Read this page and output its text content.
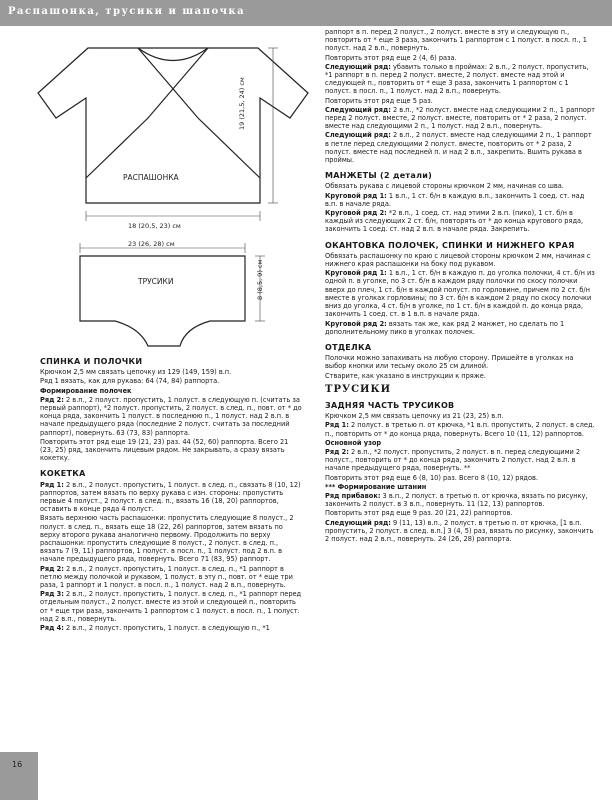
Распашонка, трусики и шапочка
РАСПАШОНКА
19 (21,5, 24) см
18 (20,5, 23) см
23 (26, 28) см
ТРУСИКИ	8 (8,5, 9) см

СПИНКА И ПОЛОЧКИ

Крючком 2,5 мм связать цепочку из 129 (149, 159) в.п.

Ряд 1 вязать, как для рукава: 64 (74, 84) раппорта.

Формирование полочек

Ряд 2: 2 в.п., 2 полуст. пропустить, 1 полуст. в следующую п. (считать за первый раппорт), *2 полуст. пропустить, 2 полуст. в след. п., повт. от * до конца ряда, закончить 1 полуст. в последнюю п., 1 полуст. над 2 в.п. в начале предыдущего ряда (последние 2 полуст. считать за последний раппорт), повернуть. 63 (73, 83) раппорта.

Повторить этот ряд еще 19 (21, 23) раз. 44 (52, 60) раппорта. Всего 21 (23, 25) ряд, закончить лицевым рядом. Не закрывать, а сразу вязать кокетку.

КОКЕТКА

Ряд 1: 2 в.п., 2 полуст. пропустить, 1 полуст. в след. п., связать 8 (10, 12) раппортов, затем вязать по верху рукава с изн. стороны: пропустить первые 4 полуст., 2 полуст. в след. п., вязать 16 (18, 20) раппортов, оставить в конце ряда 4 полуст.

Вязать верхнюю часть распашонки: пропустить следующие 8 полуст., 2 полуст. в след. п., вязать еще 18 (22, 26) раппортов, затем вязать по верху второго рукава аналогично первому. Продолжить по верху распашонки: пропустить следующие 8 полуст., 2 полуст. в след. п., вязать 7 (9, 11) раппортов, 1 полуст. в посл. п., 1 полуст. под 2 в.п. в начале предыдущего ряда, повернуть. Всего 71 (83, 95) раппорт.

Ряд 2: 2 в.п., 2 полуст. пропустить, 1 полуст. в след. п., *1 раппорт в петлю между полочкой и рукавом, 1 полуст. в эту п., повт. от * еще три раза, 1 раппорт и 1 полуст. в посл. п., 1 полуст. над 2 в.п., повернуть.

Ряд 3: 2 в.п., 2 полуст. пропустить, 1 полуст. в след. п., *1 раппорт перед отдельным полуст., 2 полуст. вместе из этой и следующей п., повторить от * еще три раза, закончить 1 раппортом с 1 полуст. в посл. п., 1 полуст. над 2 в.п., повернуть.

Ряд 4: 2 в.п., 2 полуст. пропустить, 1 полуст. в следующую п., *1

раппорт в п. перед 2 полуст., 2 полуст. вместе в эту и следующую п., повторить от * еще 3 раза, закончить 1 раппортом с 1 полуст. в посл. п., 1 полуст. над 2 в.п., повернуть.

Повторить этот ряд еще 2 (4, 6) раза.

Следующий ряд: убавить только в проймах: 2 в.п., 2 полуст. пропустить, *1 раппорт в п. перед 2 полуст. вместе, 2 полуст. вместе над этой и следующей п., повторить от * еще 3 раза, закончить 1 раппортом с 1 полуст. в посл. п., 1 полуст. над 2 в.п., повернуть.

Повторить этот ряд еще 5 раз.

Следующий ряд: 2 в.п., *2 полуст. вместе над следующими 2 п., 1 раппорт перед 2 полуст. вместе, 2 полуст. вместе, повторить от * 2 раза, 2 полуст. вместе над следующими 2 п., 1 полуст. над 2 в.п., повернуть.

Следующий ряд: 2 в.п., 2 полуст. вместе над следующими 2 п., 1 раппорт в петле перед следующими 2 полуст. вместе, повторить от * 2 раза, 2 полуст. вместе над последней п. и над 2 в.п., закрепить. Вшить рукава в проймы.

МАНЖЕТЫ (2 детали)

Обвязать рукава с лицевой стороны крючком 2 мм, начиная со шва.

Круговой ряд 1: 1 в.п., 1 ст. б/н в каждую в.п., закончить 1 соед. ст. над в.п. в начале ряда.

Круговой ряд 2: *2 в.п., 1 соед. ст. над этими 2 в.п. (пико), 1 ст. б/н в каждый из следующих 2 ст. б/н, повторять от * до конца кругового ряда, закончить 1 соед. ст. над 2 в.п. в начале ряда. Закрепить.

ОКАНТОВКА ПОЛОЧЕК, СПИНКИ И НИЖНЕГО КРАЯ

Обвязать распашонку по краю с лицевой стороны крючком 2 мм, начиная с нижнего края распашонки на боку под рукавом.

Круговой ряд 1: 1 в.п., 1 ст. б/н в каждую п. до уголка полочки, 4 ст. б/н из одной п. в уголке, по 3 ст. б/н в каждом ряду полочки по скосу полочки вверх до плеч, 1 ст. б/н в каждой полуст. по горловине, причем по 2 ст. б/н вместе в уголках горловины; по 3 ст. б/н в каждом 2 ряду по скосу полочки вниз до уголка, 4 ст. б/н в уголке, по 1 ст. б/н в каждой п. до конца ряда, закончить 1 соед. ст. в 1 в.п. в начале ряда.

Круговой ряд 2: вязать так же, как ряд 2 манжет, но сделать по 1 дополнительному пико в уголках полочек.

ОТДЕЛКА

Полочки можно запахивать на любую сторону. Пришейте в уголках на выбор кнопки или тесьму около 25 см длиной.

Стварите, как указано в инструкции к пряже.

ТРУСИКИ

ЗАДНЯЯ ЧАСТЬ ТРУСИКОВ

Крючком 2,5 мм связать цепочку из 21 (23, 25) в.п.

Ряд 1: 2 полуст. в третью п. от крючка, *1 в.п. пропустить, 2 полуст. в след. п., повторить от * до конца ряда, повернуть. Всего 10 (11, 12) раппортов.

Основной узор

Ряд 2: 2 в.п., *2 полуст. пропустить, 2 полуст. в п. перед следующими 2 полуст., повторить от * до конца ряда, закончить 2 полуст. над 2 в.п. в начале предыдущего ряда, повернуть. **

Повторить этот ряд еще 6 (8, 10) раз. Всего 8 (10, 12) рядов.

*** Формирование штанин

Ряд прибавок: 3 в.п., 2 полуст. в третью п. от крючка, вязать по рисунку, закончить 2 полуст. в 3 в.п., повернуть. 11 (12, 13) раппортов.

Повторить этот ряд еще 9 раз. 20 (21, 22) раппортов.

Следующий ряд: 9 (11, 13) в.п., 2 полуст. в третью п. от крючка, [1 в.п. пропустить, 2 полуст. в след. в.п.] 3 (4, 5) раз, вязать по рисунку, закончить 2 полуст. над 2 в.п., повернуть. 24 (26, 28) раппорта.

16
